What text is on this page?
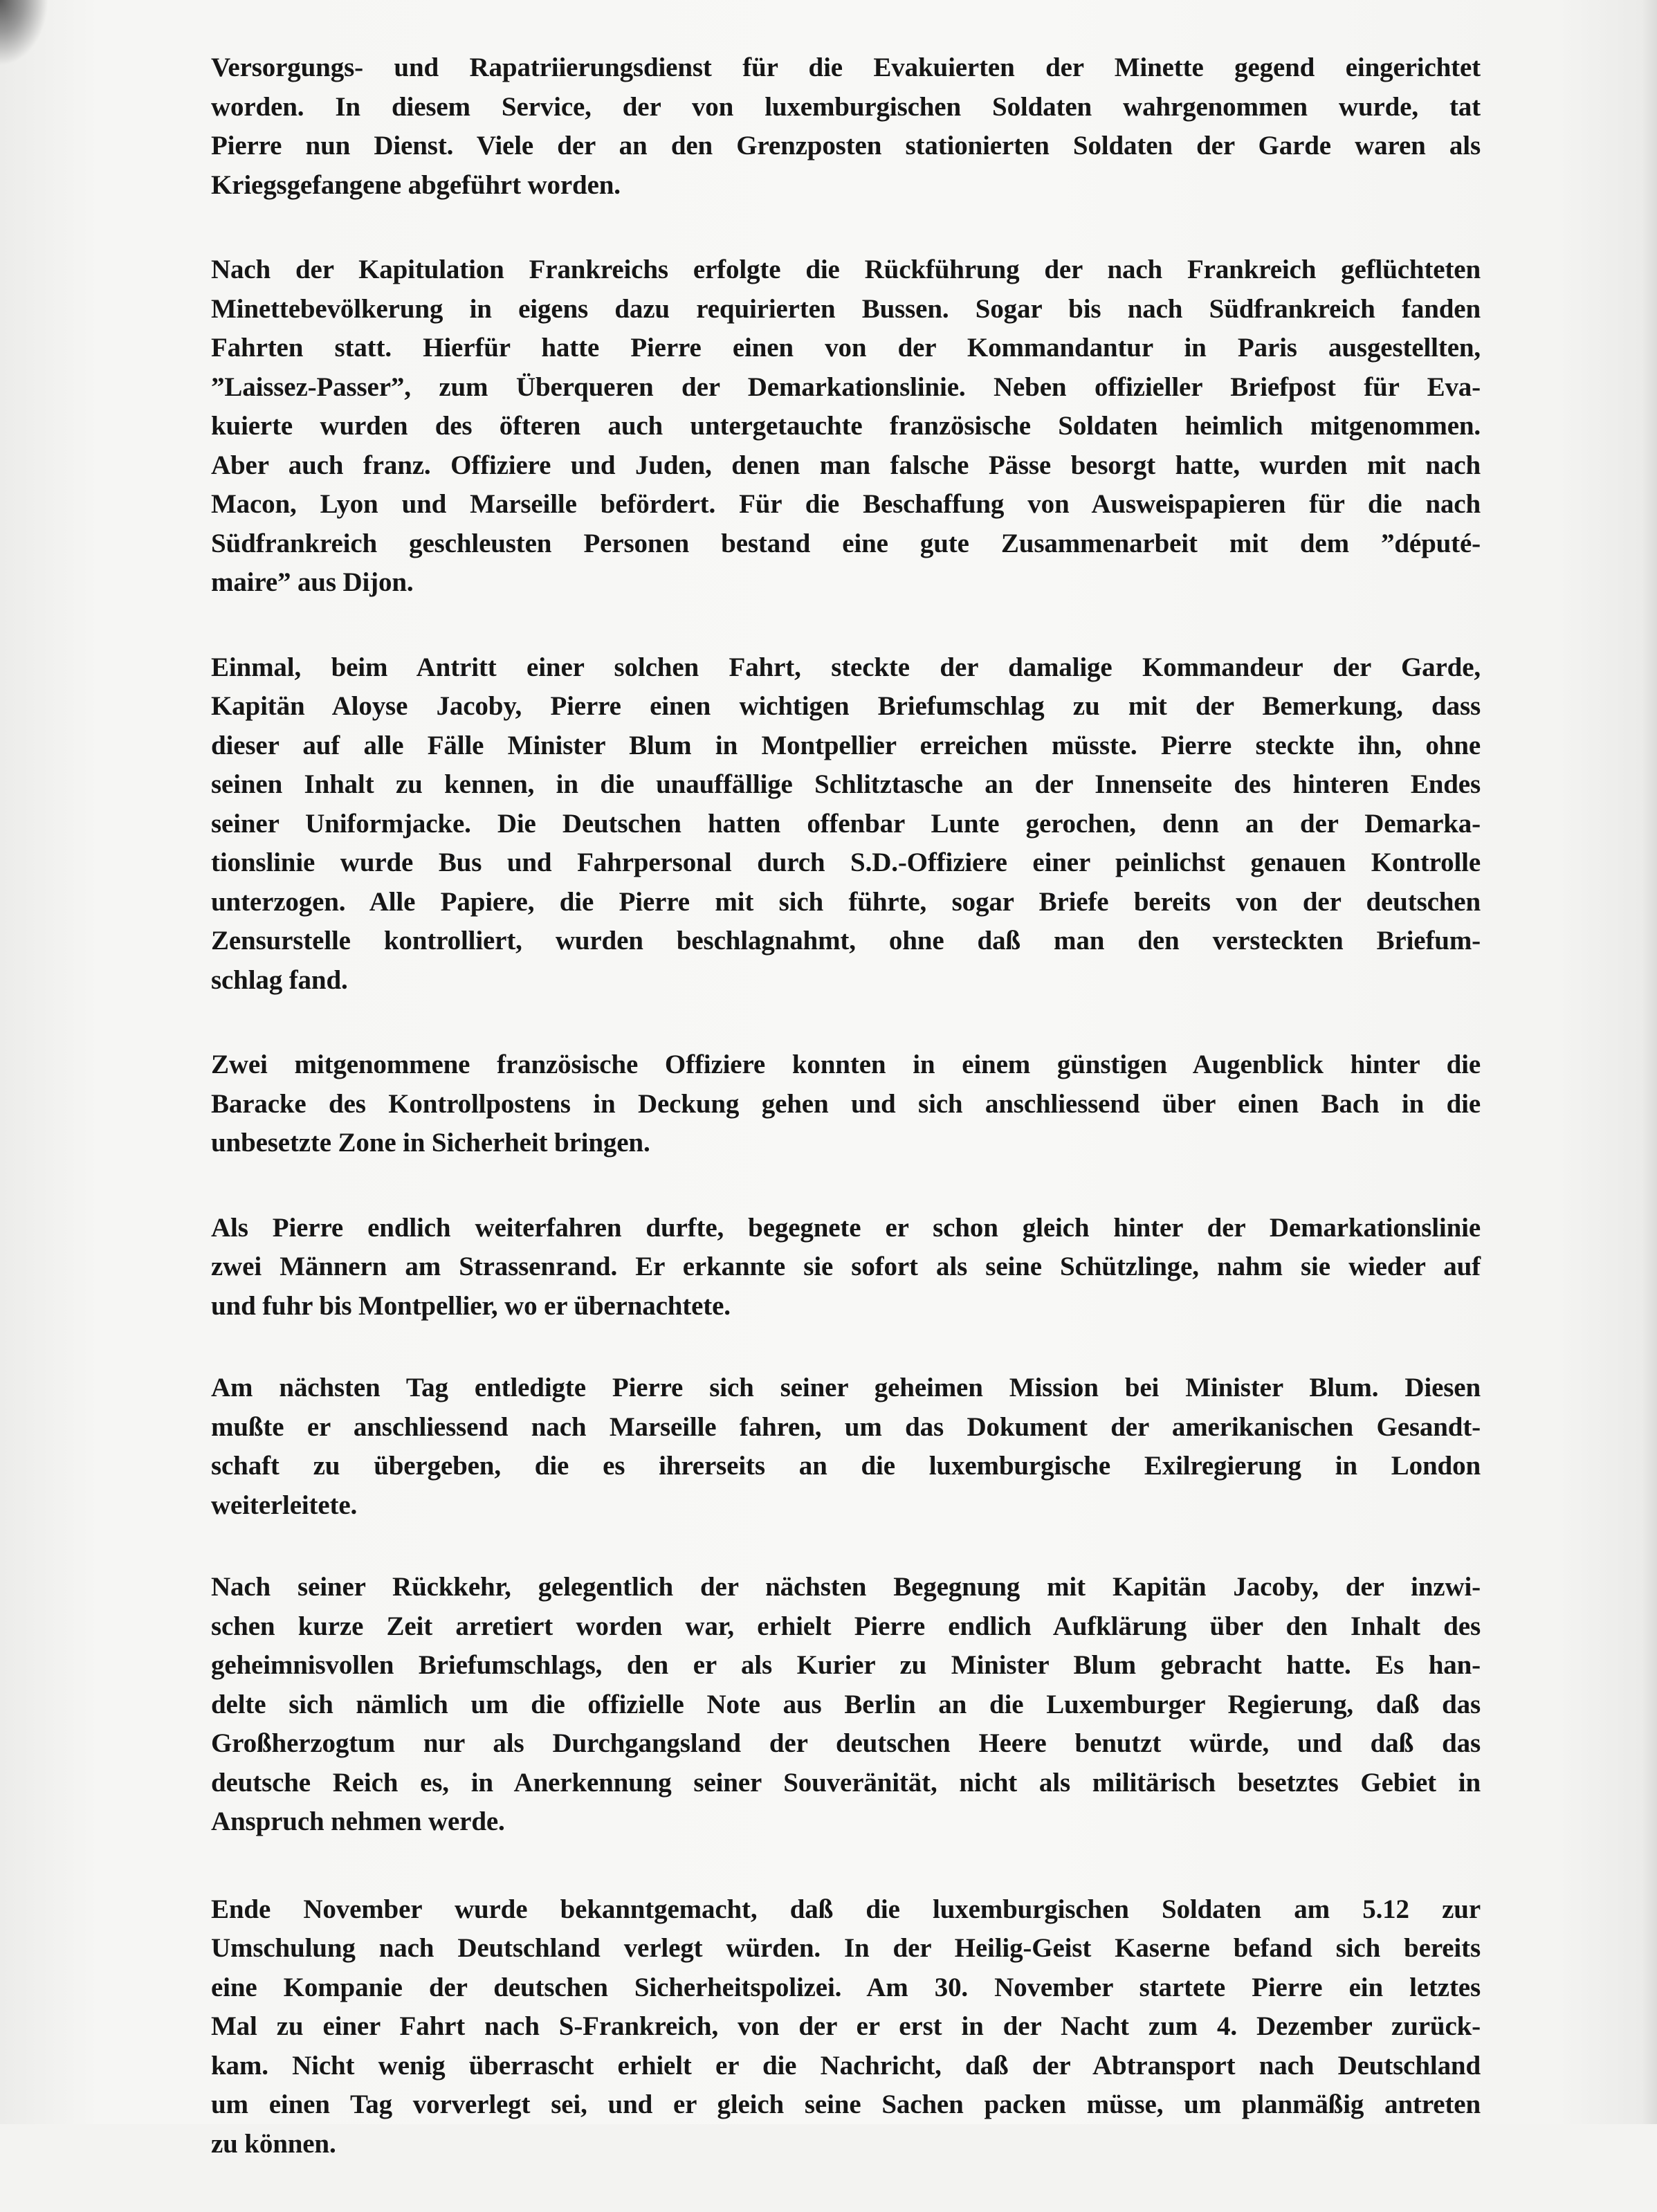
Versorgungs- und Rapatriierungsdienst für die Evakuierten der Minette gegend eingerichtet
worden. In diesem Service, der von luxemburgischen Soldaten wahrgenommen wurde, tat
Pierre nun Dienst. Viele der an den Grenzposten stationierten Soldaten der Garde waren als
Kriegsgefangene abgeführt worden.

Nach der Kapitulation Frankreichs erfolgte die Rückführung der nach Frankreich geflüchteten
Minettebevölkerung in eigens dazu requirierten Bussen. Sogar bis nach Südfrankreich fanden
Fahrten statt. Hierfür hatte Pierre einen von der Kommandantur in Paris ausgestellten,
”Laissez-Passer”, zum Überqueren der Demarkationslinie. Neben offizieller Briefpost für Eva-
kuierte wurden des öfteren auch untergetauchte französische Soldaten heimlich mitgenommen.
Aber auch franz. Offiziere und Juden, denen man falsche Pässe besorgt hatte, wurden mit nach
Macon, Lyon und Marseille befördert. Für die Beschaffung von Ausweispapieren für die nach
Südfrankreich geschleusten Personen bestand eine gute Zusammenarbeit mit dem ”député-
maire” aus Dijon.

Einmal, beim Antritt einer solchen Fahrt, steckte der damalige Kommandeur der Garde,
Kapitän Aloyse Jacoby, Pierre einen wichtigen Briefumschlag zu mit der Bemerkung, dass
dieser auf alle Fälle Minister Blum in Montpellier erreichen müsste. Pierre steckte ihn, ohne
seinen Inhalt zu kennen, in die unauffällige Schlitztasche an der Innenseite des hinteren Endes
seiner Uniformjacke. Die Deutschen hatten offenbar Lunte gerochen, denn an der Demarka-
tionslinie wurde Bus und Fahrpersonal durch S.D.-Offiziere einer peinlichst genauen Kontrolle
unterzogen. Alle Papiere, die Pierre mit sich führte, sogar Briefe bereits von der deutschen
Zensurstelle kontrolliert, wurden beschlagnahmt, ohne daß man den versteckten Briefum-
schlag fand.

Zwei mitgenommene französische Offiziere konnten in einem günstigen Augenblick hinter die
Baracke des Kontrollpostens in Deckung gehen und sich anschliessend über einen Bach in die
unbesetzte Zone in Sicherheit bringen.

Als Pierre endlich weiterfahren durfte, begegnete er schon gleich hinter der Demarkationslinie
zwei Männern am Strassenrand. Er erkannte sie sofort als seine Schützlinge, nahm sie wieder auf
und fuhr bis Montpellier, wo er übernachtete.

Am nächsten Tag entledigte Pierre sich seiner geheimen Mission bei Minister Blum. Diesen
mußte er anschliessend nach Marseille fahren, um das Dokument der amerikanischen Gesandt-
schaft zu übergeben, die es ihrerseits an die luxemburgische Exilregierung in London
weiterleitete.

Nach seiner Rückkehr, gelegentlich der nächsten Begegnung mit Kapitän Jacoby, der inzwi-
schen kurze Zeit arretiert worden war, erhielt Pierre endlich Aufklärung über den Inhalt des
geheimnisvollen Briefumschlags, den er als Kurier zu Minister Blum gebracht hatte. Es han-
delte sich nämlich um die offizielle Note aus Berlin an die Luxemburger Regierung, daß das
Großherzogtum nur als Durchgangsland der deutschen Heere benutzt würde, und daß das
deutsche Reich es, in Anerkennung seiner Souveränität, nicht als militärisch besetztes Gebiet in
Anspruch nehmen werde.

Ende November wurde bekanntgemacht, daß die luxemburgischen Soldaten am 5.12 zur
Umschulung nach Deutschland verlegt würden. In der Heilig-Geist Kaserne befand sich bereits
eine Kompanie der deutschen Sicherheitspolizei. Am 30. November startete Pierre ein letztes
Mal zu einer Fahrt nach S-Frankreich, von der er erst in der Nacht zum 4. Dezember zurück-
kam. Nicht wenig überrascht erhielt er die Nachricht, daß der Abtransport nach Deutschland
um einen Tag vorverlegt sei, und er gleich seine Sachen packen müsse, um planmäßig antreten
zu können.
